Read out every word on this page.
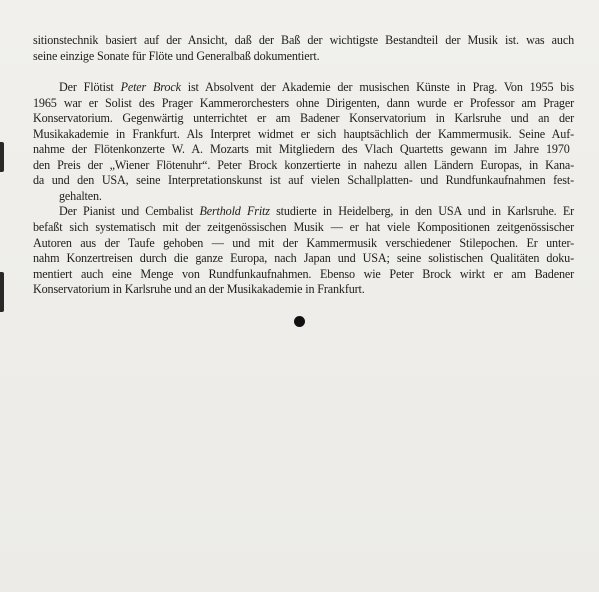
sitionstechnik basiert auf der Ansicht, daß der Baß der wichtigste Bestandteil der Musik ist. was auch
seine einzige Sonate für Flöte und Generalbaß dokumentiert.

Der Flötist Peter Brock ist Absolvent der Akademie der musischen Künste in Prag. Von 1955 bis
1965 war er Solist des Prager Kammerorchesters ohne Dirigenten, dann wurde er Professor am Prager
Konservatorium. Gegenwärtig unterrichtet er am Badener Konservatorium in Karlsruhe und an der
Musikakademie in Frankfurt. Als Interpret widmet er sich hauptsächlich der Kammermusik. Seine Auf-
nahme der Flötenkonzerte W. A. Mozarts mit Mitgliedern des Vlach Quartetts gewann im Jahre 1970
den Preis der „Wiener Flötenuhr“. Peter Brock konzertierte in nahezu allen Ländern Europas, in Kana-
da und den USA, seine Interpretationskunst ist auf vielen Schallplatten- und Rundfunkaufnahmen fest-
gehalten.

Der Pianist und Cembalist Berthold Fritz studierte in Heidelberg, in den USA und in Karlsruhe. Er
befaßt sich systematisch mit der zeitgenössischen Musik — er hat viele Kompositionen zeitgenössischer
Autoren aus der Taufe gehoben — und mit der Kammermusik verschiedener Stilepochen. Er unter-
nahm Konzertreisen durch die ganze Europa, nach Japan und USA; seine solistischen Qualitäten doku-
mentiert auch eine Menge von Rundfunkaufnahmen. Ebenso wie Peter Brock wirkt er am Badener
Konservatorium in Karlsruhe und an der Musikakademie in Frankfurt.
